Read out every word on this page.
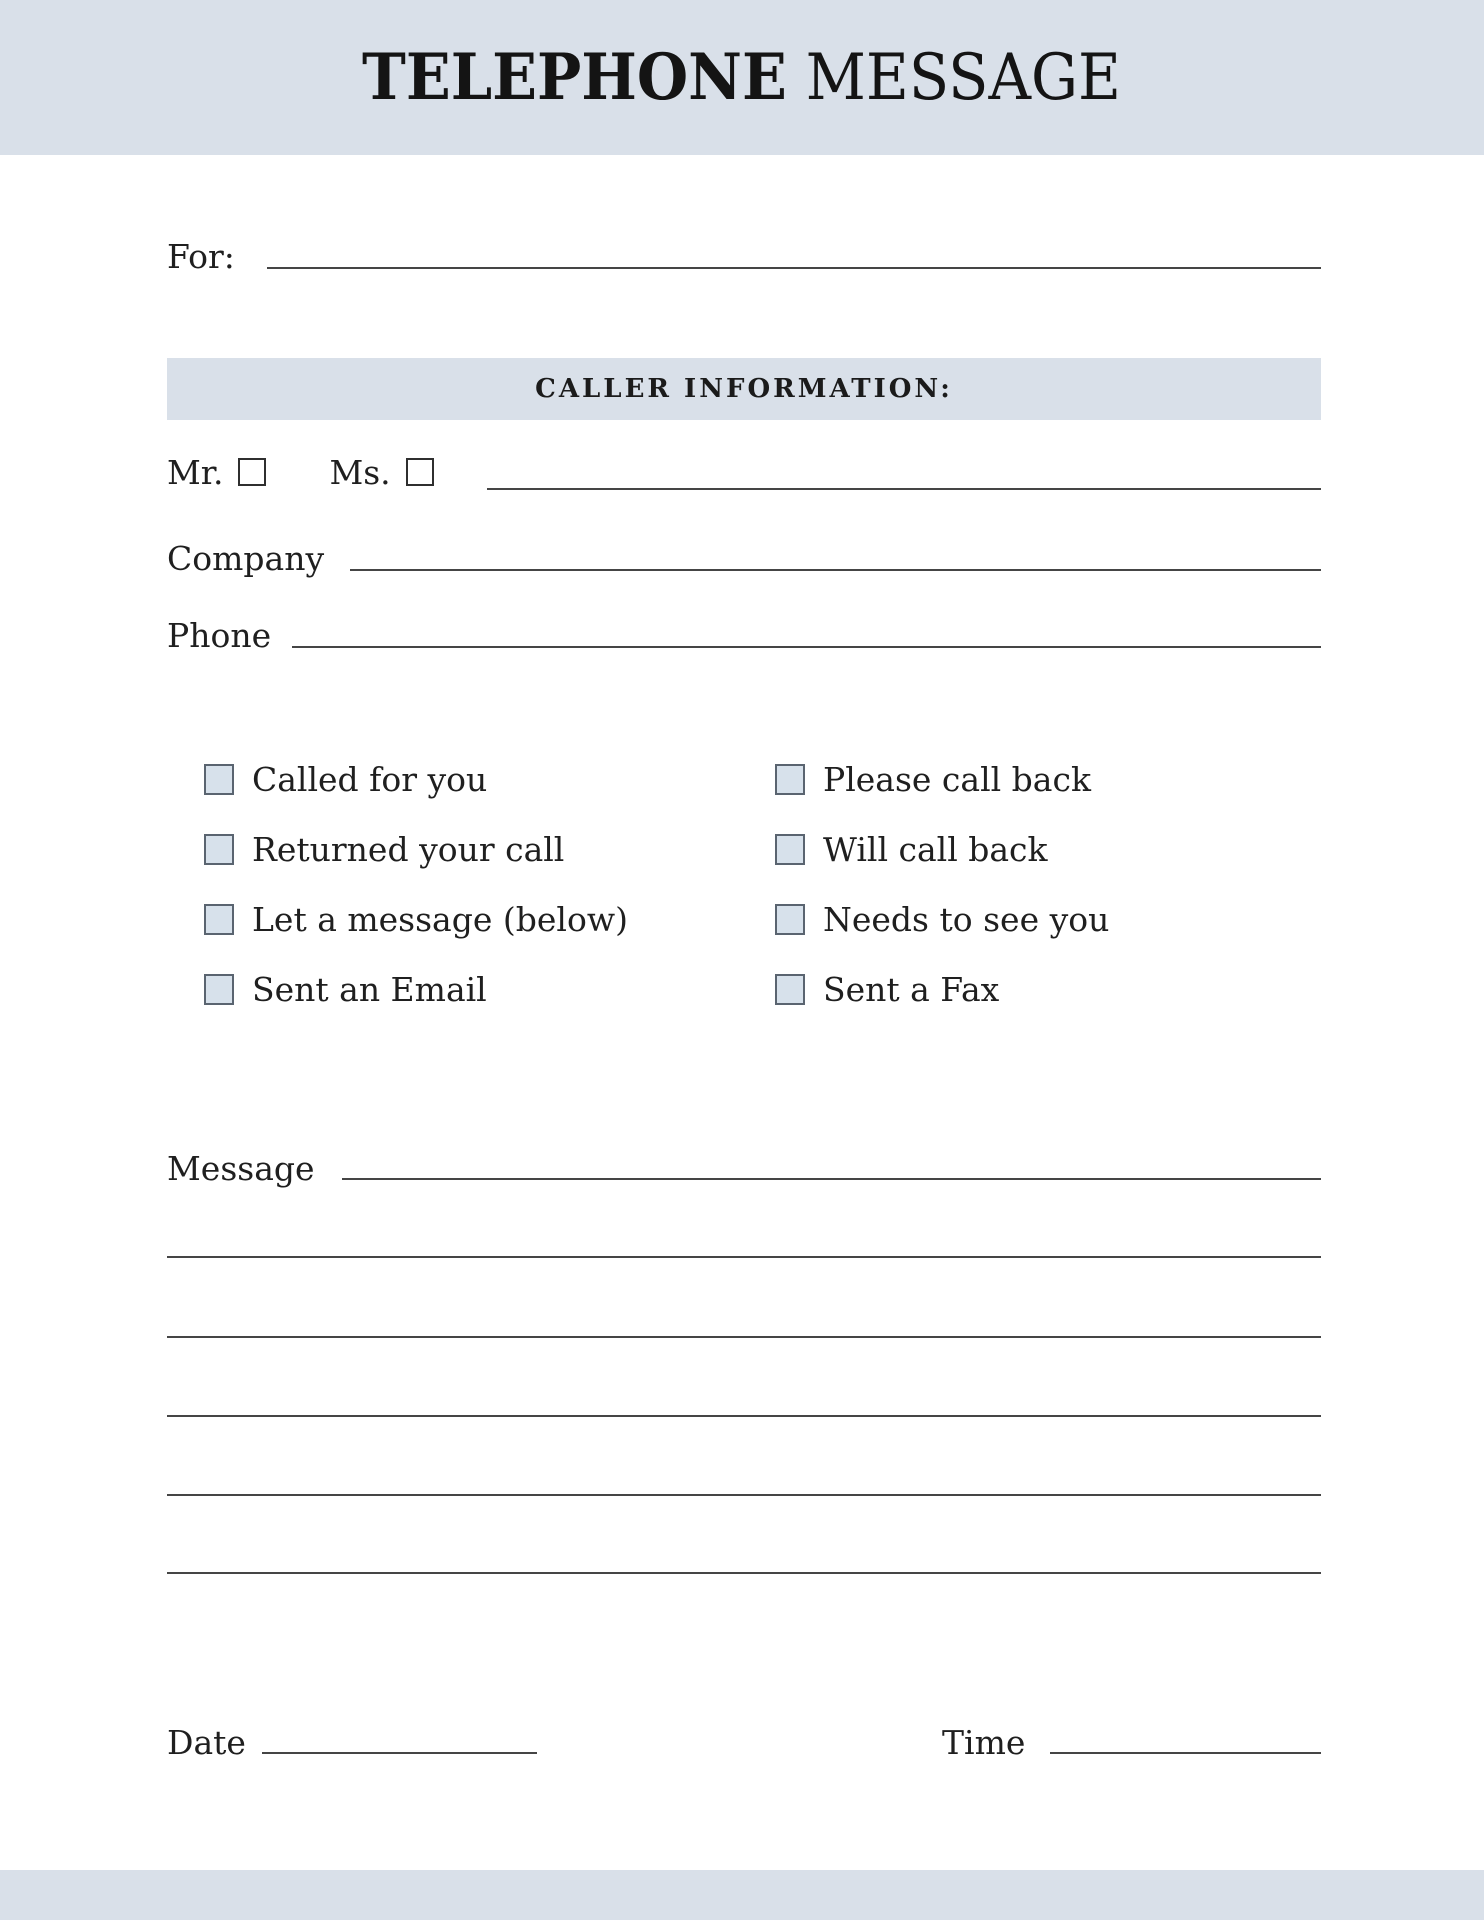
TELEPHONE MESSAGE
For:
CALLER INFORMATION:
Mr.	Ms.
Company
Phone
Called for you
Returned your call
Let a message (below)
Sent an Email
Please call back
Will call back
Needs to see you
Sent a Fax
Message
Date	Time
